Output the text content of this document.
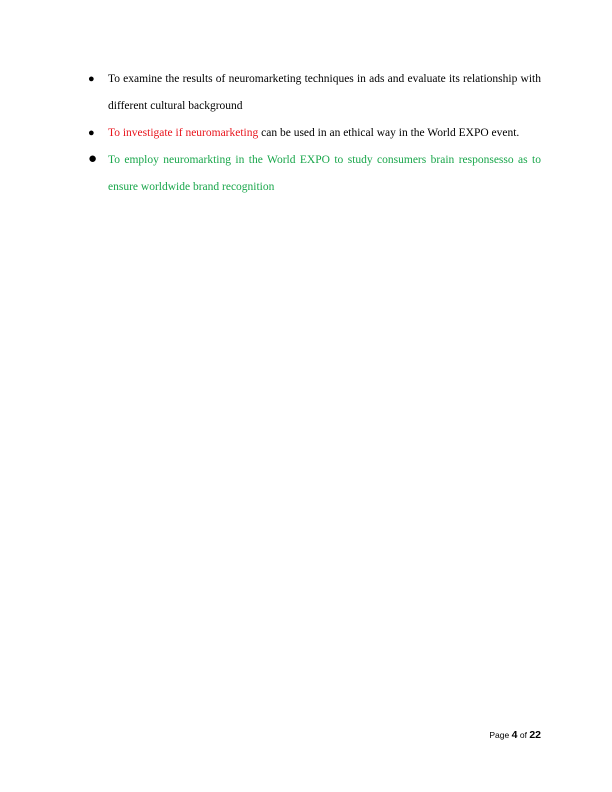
● To examine the results of neuromarketing techniques in ads and evaluate its relationship with different cultural background
● To investigate if neuromarketing can be used in an ethical way in the World EXPO event.
● To employ neuromarkting in the World EXPO to study consumers brain responsesso as to ensure worldwide brand recognition
Page 4 of 22
